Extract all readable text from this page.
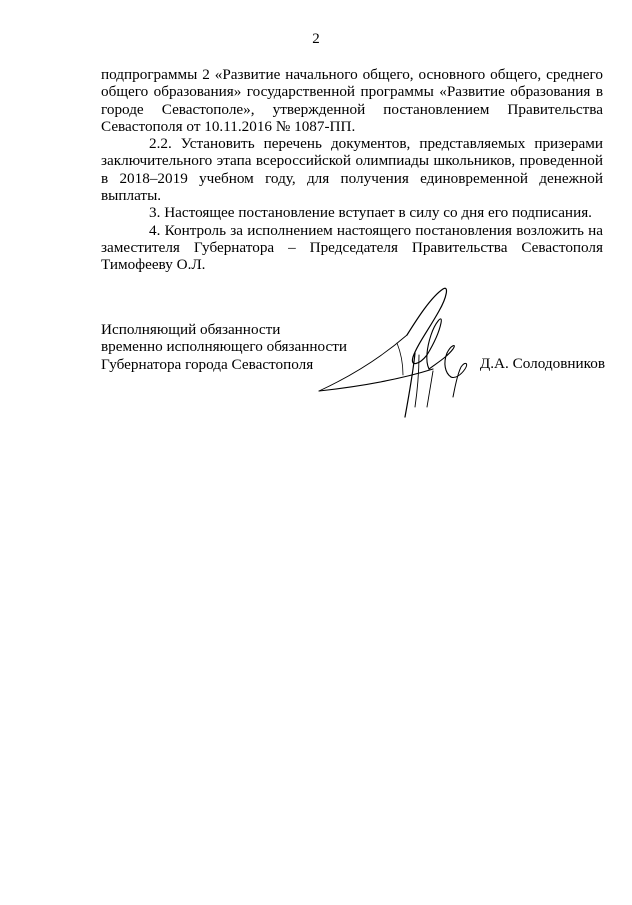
2

подпрограммы 2 «Развитие начального общего, основного общего, среднего общего образования» государственной программы «Развитие образования в городе Севастополе», утвержденной постановлением Правительства Севастополя от 10.11.2016 № 1087-ПП.

2.2. Установить перечень документов, представляемых призерами заключительного этапа всероссийской олимпиады школьников, проведенной в 2018–2019 учебном году, для получения единовременной денежной выплаты.

3. Настоящее постановление вступает в силу со дня его подписания.

4. Контроль за исполнением настоящего постановления возложить на заместителя Губернатора – Председателя Правительства Севастополя Тимофееву О.Л.

Исполняющий обязанности
временно исполняющего обязанности
Губернатора города Севастополя	Д.А. Солодовников
